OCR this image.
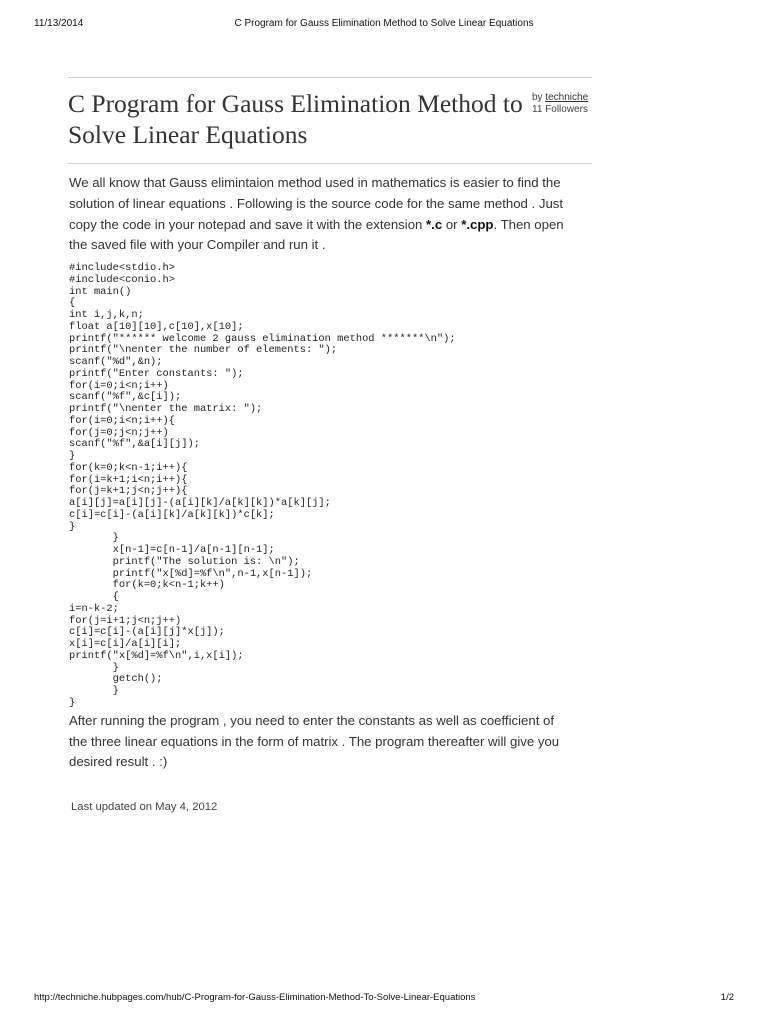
11/13/2014	C Program for Gauss Elimination Method to Solve Linear Equations
C Program for Gauss Elimination Method to Solve Linear Equations
by techniche
11 Followers

We all know that Gauss elimintaion method used in mathematics is easier to find the solution of linear equations . Following is the source code for the same method . Just copy the code in your notepad and save it with the extension *.c or *.cpp. Then open the saved file with your Compiler and run it .

#include<stdio.h>
#include<conio.h>
int main()
{
int i,j,k,n;
float a[10][10],c[10],x[10];
printf("****** welcome 2 gauss elimination method *******\n");
printf("\nenter the number of elements: ");
scanf("%d",&n);
printf("Enter constants: ");
for(i=0;i<n;i++)
scanf("%f",&c[i]);
printf("\nenter the matrix: ");
for(i=0;i<n;i++){
for(j=0;j<n;j++)
scanf("%f",&a[i][j]);
}
for(k=0;k<n-1;i++){
for(i=k+1;i<n;i++){
for(j=k+1;j<n;j++){
a[i][j]=a[i][j]-(a[i][k]/a[k][k])*a[k][j];
c[i]=c[i]-(a[i][k]/a[k][k])*c[k];
}
}
x[n-1]=c[n-1]/a[n-1][n-1];
printf("The solution is: \n");
printf("x[%d]=%f\n",n-1,x[n-1]);
for(k=0;k<n-1;k++)
{
i=n-k-2;
for(j=i+1;j<n;j++)
c[i]=c[i]-(a[i][j]*x[j]);
x[i]=c[i]/a[i][i];
printf("x[%d]=%f\n",i,x[i]);
}
getch();
}
}

After running the program , you need to enter the constants as well as coefficient of the three linear equations in the form of matrix . The program thereafter will give you desired result . :)

Last updated on May 4, 2012
http://techniche.hubpages.com/hub/C-Program-for-Gauss-Elimination-Method-To-Solve-Linear-Equations	1/2
